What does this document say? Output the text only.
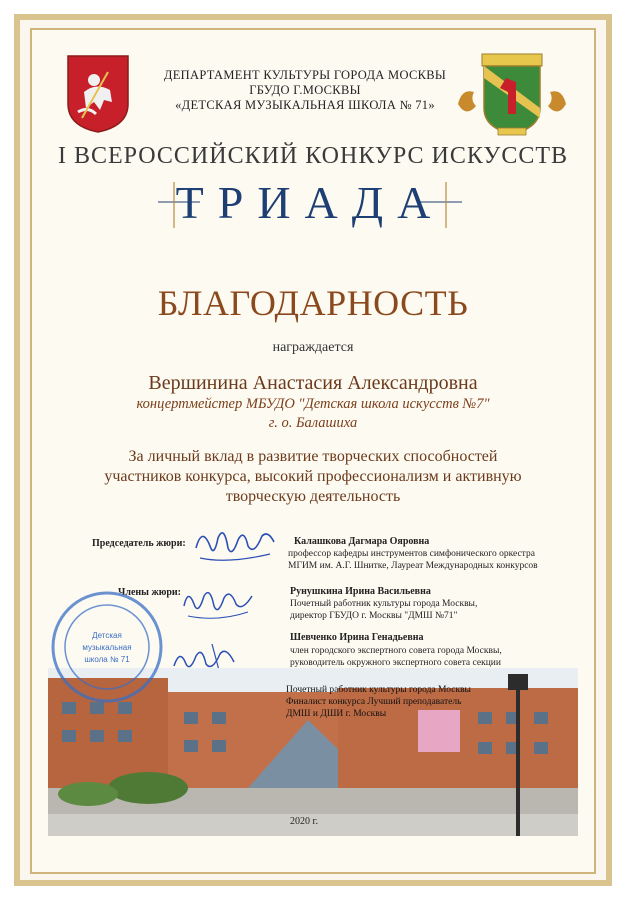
ДЕПАРТАМЕНТ КУЛЬТУРЫ ГОРОДА МОСКВЫ
ГБУДО Г.МОСКВЫ
«ДЕТСКАЯ МУЗЫКАЛЬНАЯ ШКОЛА № 71»
I ВСЕРОССИЙСКИЙ КОНКУРС ИСКУССТВ
ТРИАДА
БЛАГОДАРНОСТЬ
награждается
Вершинина Анастасия Александровна
концертмейстер МБУДО "Детская школа искусств №7"
г. о. Балашиха
За личный вклад в развитие творческих способностей
участников конкурса, высокий профессионализм и активную
творческую деятельность
Председатель жюри:	Калашкова Дагмара Ояровна
профессор кафедры инструментов симфонического оркестра
МГИМ им. А.Г. Шнитке, Лауреат Международных конкурсов
Члены жюри:	Рунушкина Ирина Васильевна
Почетный работник культуры города Москвы,
директор ГБУДО г. Москвы "ДМШ №71"
Шевченко Ирина Генадьевна
член городского экспертного совета города Москвы,
руководитель окружного экспертного совета секции
Детская
музыкальная
школа № 71
Почетный работник культуры города Москвы
Финалист конкурса Лучший преподаватель
ДМШ и ДШИ г. Москвы
2020 г.
